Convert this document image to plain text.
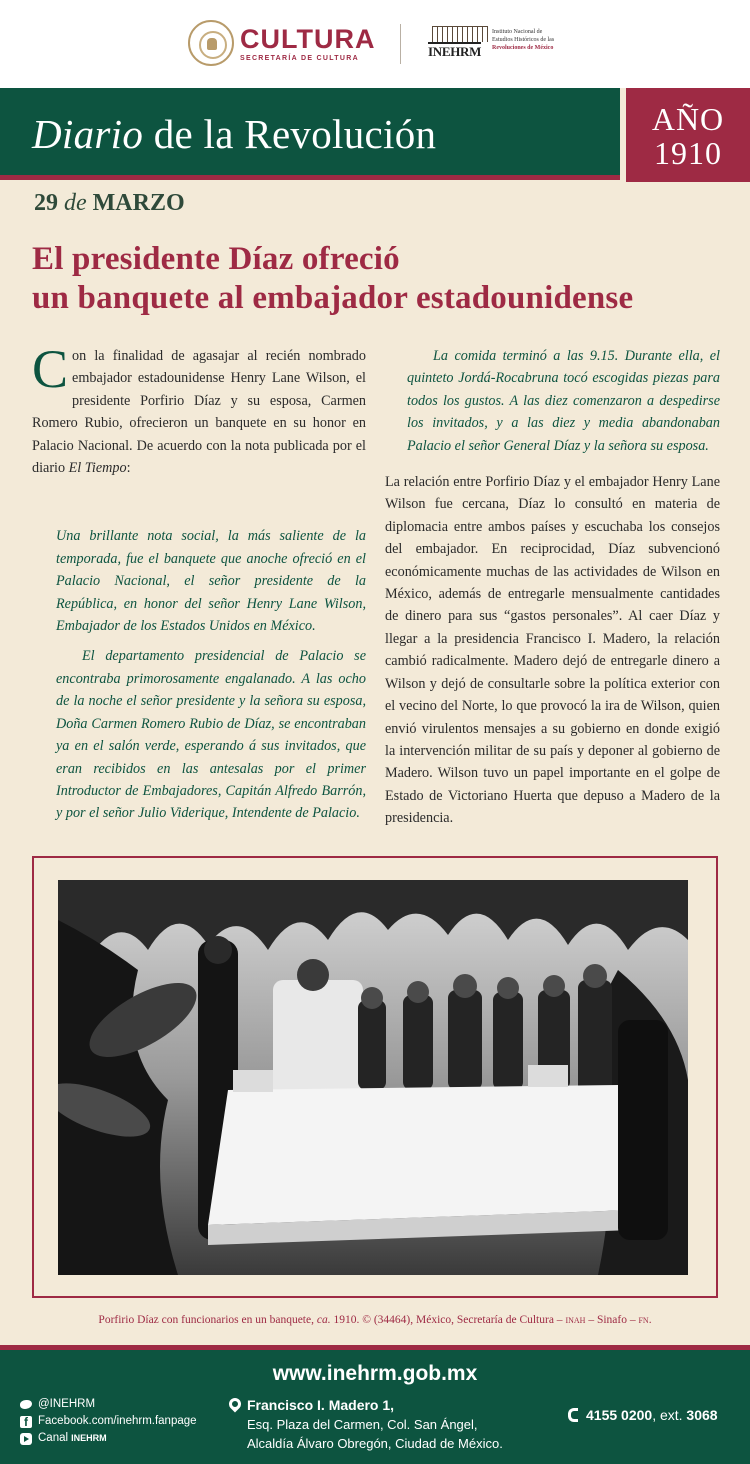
CULTURA
SECRETARÍA DE CULTURA	INEHRM
Instituto Nacional de
Estudios Históricos de las
Revoluciones de México
Diario de la Revolución	AÑO
1910
29 de MARZO
El presidente Díaz ofreció
un banquete al embajador estadounidense

Con la finalidad de agasajar al recién nombrado embajador estadounidense Henry Lane Wilson, el presidente Porfirio Díaz y su esposa, Carmen Romero Rubio, ofrecieron un banquete en su honor en Palacio Nacional. De acuerdo con la nota publicada por el diario El Tiempo:

Una brillante nota social, la más saliente de la temporada, fue el banquete que anoche ofreció en el Palacio Nacional, el señor presidente de la República, en honor del señor Henry Lane Wilson, Embajador de los Estados Unidos en México.

El departamento presidencial de Palacio se encontraba primorosamente engalanado. A las ocho de la noche el señor presidente y la señora su esposa, Doña Carmen Romero Rubio de Díaz, se encontraban ya en el salón verde, esperando á sus invitados, que eran recibidos en las antesalas por el primer Introductor de Embajadores, Capitán Alfredo Barrón, y por el señor Julio Viderique, Intendente de Palacio.

La comida terminó a las 9.15. Durante ella, el quinteto Jordá-Rocabruna tocó escogidas piezas para todos los gustos. A las diez comenzaron a despedirse los invitados, y a las diez y media abandonaban Palacio el señor General Díaz y la señora su esposa.

La relación entre Porfirio Díaz y el embajador Henry Lane Wilson fue cercana, Díaz lo consultó en materia de diplomacia entre ambos países y escuchaba los consejos del embajador. En reciprocidad, Díaz subvencionó económicamente muchas de las actividades de Wilson en México, además de entregarle mensualmente cantidades de dinero para sus “gastos personales”. Al caer Díaz y llegar a la presidencia Francisco I. Madero, la relación cambió radicalmente. Madero dejó de entregarle dinero a Wilson y dejó de consultarle sobre la política exterior con el vecino del Norte, lo que provocó la ira de Wilson, quien envió virulentos mensajes a su gobierno en donde exigió la intervención militar de su país y deponer al gobierno de Madero. Wilson tuvo un papel importante en el golpe de Estado de Victoriano Huerta que depuso a Madero de la presidencia.

Porfirio Díaz con funcionarios en un banquete, ca. 1910. © (34464), México, Secretaría de Cultura – inah – Sinafo – fn.
www.inehrm.gob.mx
@INEHRM
f
Facebook.com/inehrm.fanpage
Canal INEHRM
Francisco I. Madero 1,
Esq. Plaza del Carmen, Col. San Ángel,
Alcaldía Álvaro Obregón, Ciudad de México.
4155 0200, ext. 3068
